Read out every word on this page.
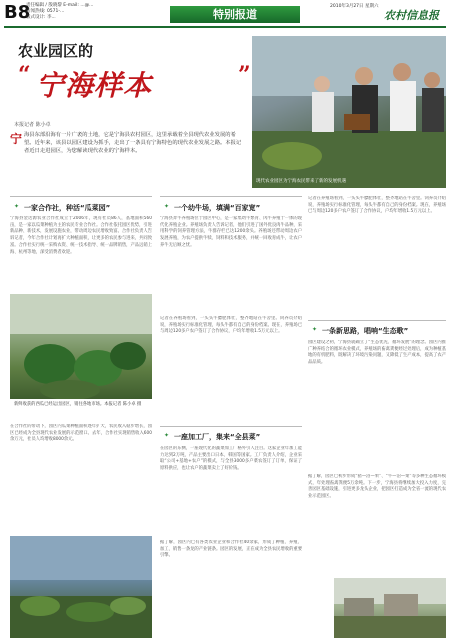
B8
责任编辑 / 殷晓黎 E-mail: ...@...
新闻热线: 0571-...
版式设计: 李...	特别报道
2010年3月27日 星期六
农村信息报
农业园区的
“ 宁海样本	”
本报记者 陈小卓
宁 海县东部沿海有一片广袤的土地，它是宁海县农村园区，这里承载着全县现代农业发展的希望。近年来，该县以园区建设为抓手，走出了一条具有宁海特色的现代农业发展之路。本报记者近日走进园区，为您解读现代农业的宁海样本。
现代农业园区为宁海农民带来了新的发展机遇
✦ 一家合作社，种活“瓜菜园”
宁海县金达源农业合作社成立于2006年，现有社员86人，基地面积560亩，是一家以瓜菜种植为主的农民专业合作社。合作社依托园区优势，引进新品种、新技术，发展设施农业，带动周边农民增收致富。合作社负责人告诉记者，今年合作社计划再扩大种植面积，让更多的农民参与进来，共同致富。合作社实行统一采购农资、统一技术指导、统一品牌销售，产品远销上海、杭州等地，深受消费者欢迎。
新鲜收获的西瓜已经运出园区，销往各地市场。本报记者 陈小卓 摄
在合作社的带动下，园区内瓜菜种植面积逐年扩大，农民收入稳步增长，园区已经成为全县现代农业发展的示范窗口。去年，合作社实现销售收入600余万元，社员人均增收8000余元。
✦ 一个幼牛场，填满“百家宽”
宁海县奔牛养殖场位于园区中心，是一家集幼牛繁育、肉牛养殖于一体的现代化养殖企业。养殖场负责人告诉记者，他们引进了国外优良肉牛品种，采用科学的饲养管理方法，牛群存栏已达1200余头。养殖场还带动周边农户发展养殖，为农户提供牛犊、饲料和技术服务，并统一回收育成牛，让农户养牛无后顾之忧。
记者在养殖场看到，一头头牛膘肥体壮，整齐地站在牛舍里。饲养员介绍说，养殖场实行标准化管理，每头牛都有自己的身份档案。现在，养殖场已与周边120多户农户签订了合作协议，户均年增收1.5万元以上。
✦ 一座加工厂，集来“全县菜”
在园区的东侧，一座现代化的蔬菜加工厂格外引人注目。这家企业年加工能力达到2万吨，产品主要出口日本、韩国等国家。工厂负责人介绍，企业采取“公司+基地+农户”的模式，与全县3000多户菜农签订了订单，保证了原料供应，也让农户的蔬菜卖上了好价钱。
据了解，园区内已有各类农业企业和合作社40余家，形成了种植、养殖、加工、销售一条龙的产业链条。园区的发展，正在成为全县农民增收的重要引擎。
记者在养殖场看到，一头头牛膘肥体壮，整齐地站在牛舍里。饲养员介绍说，养殖场实行标准化管理，每头牛都有自己的身份档案。现在，养殖场已与周边120多户农户签订了合作协议，户均年增收1.5万元以上。
✦ 一条新思路，唱响“生态歌”
园区建设之初，宁海县就确立了“生态优先、循环发展”的理念。园区内推广种养结合的循环农业模式，养殖场的畜禽粪便经过处理后，成为种植基地的有机肥料，既解决了环境污染问题，又降低了生产成本，提高了农产品品质。
据了解，园区已初步形成“猪—沼—果”、“牛—沼—菜”等多种生态循环模式，年处理畜禽粪便5万余吨。下一步，宁海县将继续加大投入力度，完善园区基础设施，引进更多龙头企业，把园区打造成为全省一流的现代农业示范园区。
